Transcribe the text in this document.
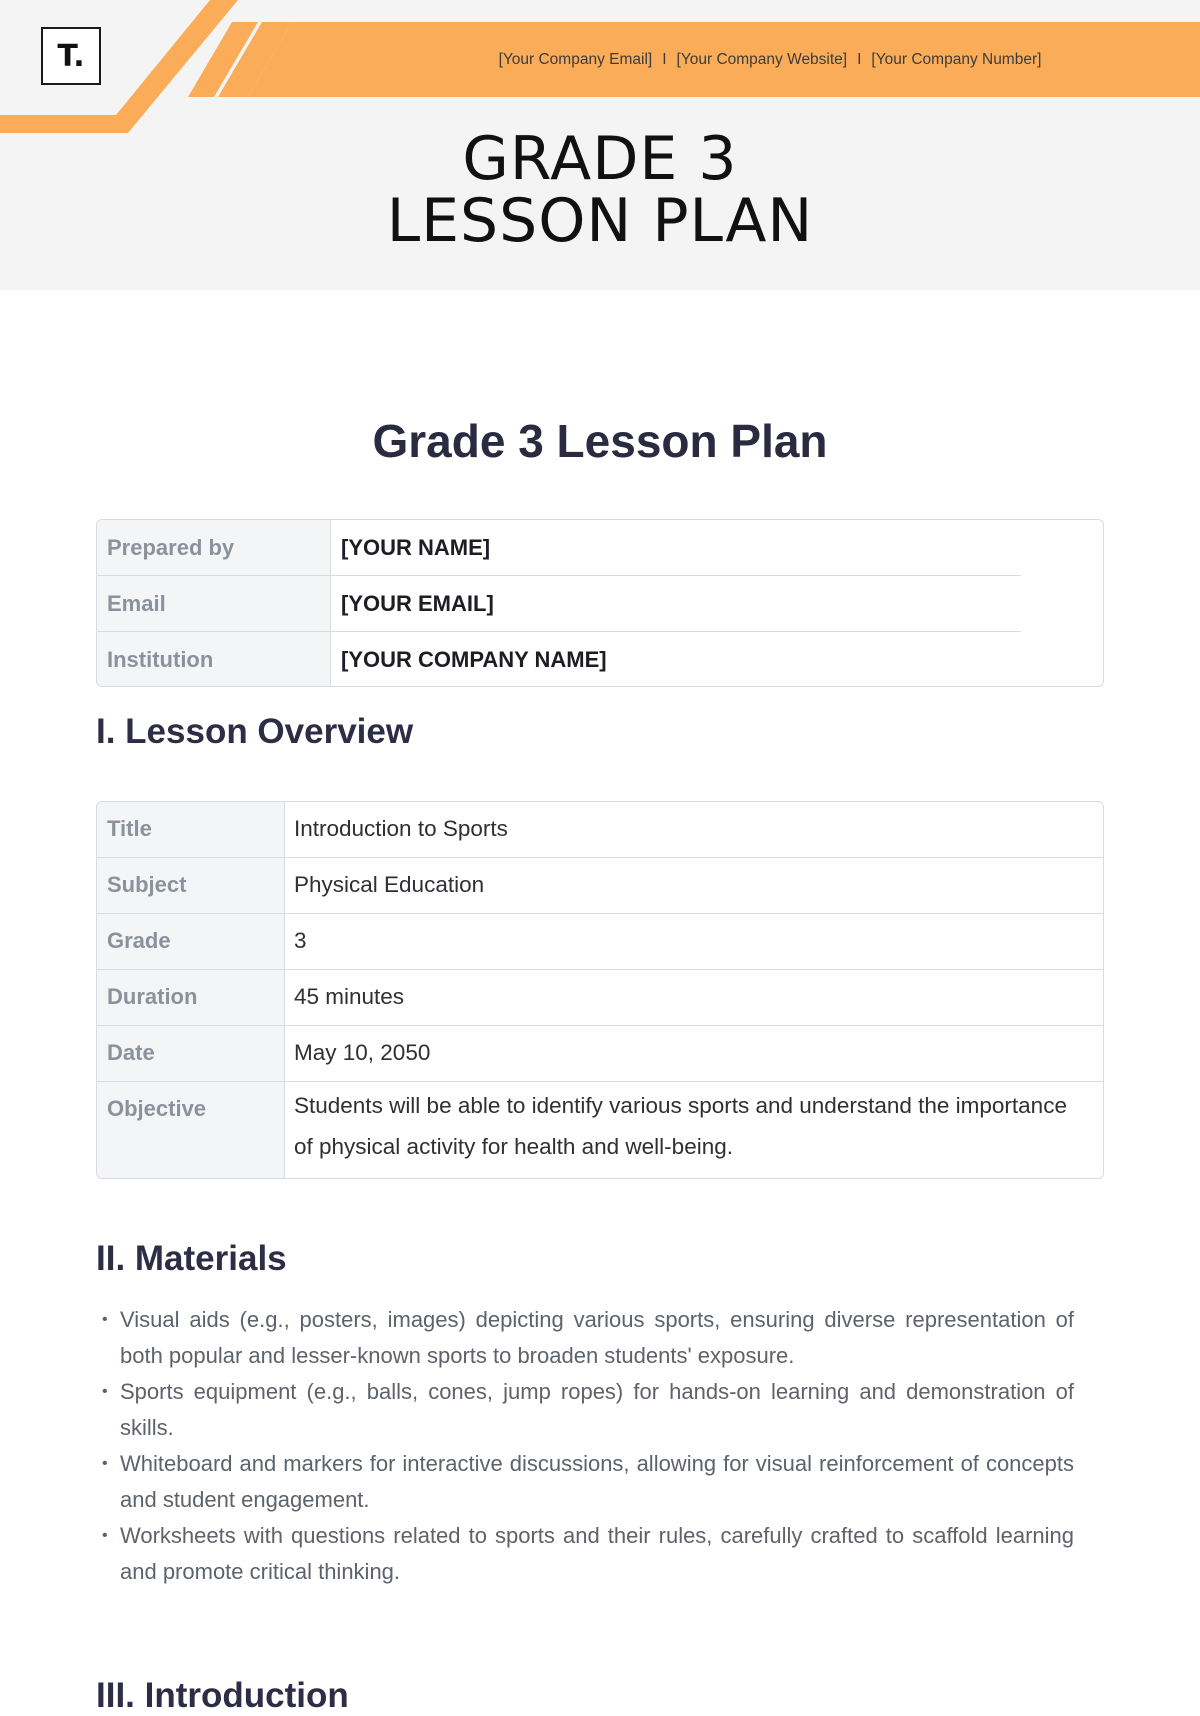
T.	[Your Company Email] I [Your Company Website] I [Your Company Number]
GRADE 3
LESSON PLAN
Grade 3 Lesson Plan
Prepared by	[YOUR NAME]
Email	[YOUR EMAIL]
Institution	[YOUR COMPANY NAME]
I. Lesson Overview
Title	Introduction to Sports
Subject	Physical Education
Grade	3
Duration	45 minutes
Date	May 10, 2050
Objective	Students will be able to identify various sports and understand the importance of physical activity for health and well-being.
II. Materials
• Visual aids (e.g., posters, images) depicting various sports, ensuring diverse representation of both popular and lesser-known sports to broaden students' exposure.
• Sports equipment (e.g., balls, cones, jump ropes) for hands-on learning and demonstration of skills.
• Whiteboard and markers for interactive discussions, allowing for visual reinforcement of concepts and student engagement.
• Worksheets with questions related to sports and their rules, carefully crafted to scaffold learning and promote critical thinking.
III. Introduction
